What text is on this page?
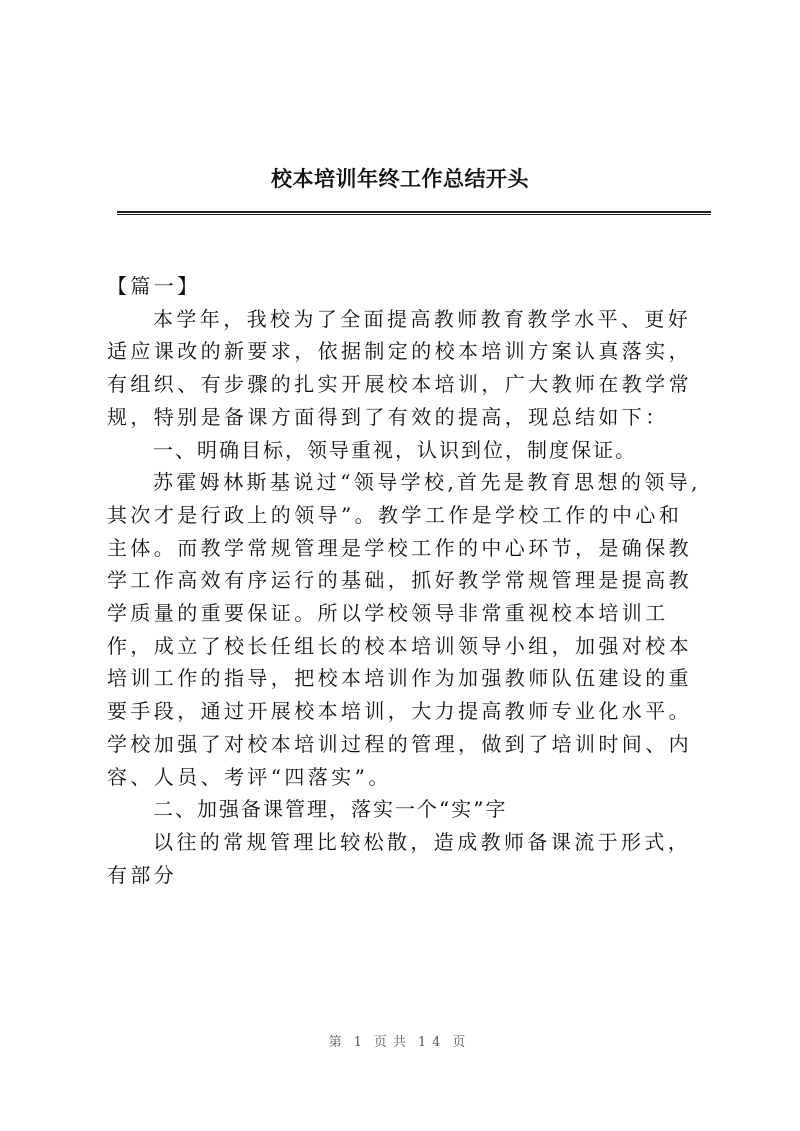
校本培训年终工作总结开头

【篇一】

本学年，我校为了全面提高教师教育教学水平、更好适应课改的新要求，依据制定的校本培训方案认真落实，有组织、有步骤的扎实开展校本培训，广大教师在教学常规，特别是备课方面得到了有效的提高，现总结如下：

一、明确目标，领导重视，认识到位，制度保证。

苏霍姆林斯基说过“领导学校,首先是教育思想的领导,其次才是行政上的领导”。教学工作是学校工作的中心和主体。而教学常规管理是学校工作的中心环节，是确保教学工作高效有序运行的基础，抓好教学常规管理是提高教学质量的重要保证。所以学校领导非常重视校本培训工作，成立了校长任组长的校本培训领导小组，加强对校本培训工作的指导，把校本培训作为加强教师队伍建设的重要手段，通过开展校本培训，大力提高教师专业化水平。学校加强了对校本培训过程的管理，做到了培训时间、内容、人员、考评“四落实”。

二、加强备课管理，落实一个“实”字

以往的常规管理比较松散，造成教师备课流于形式，有部分

第 1 页共 14 页
